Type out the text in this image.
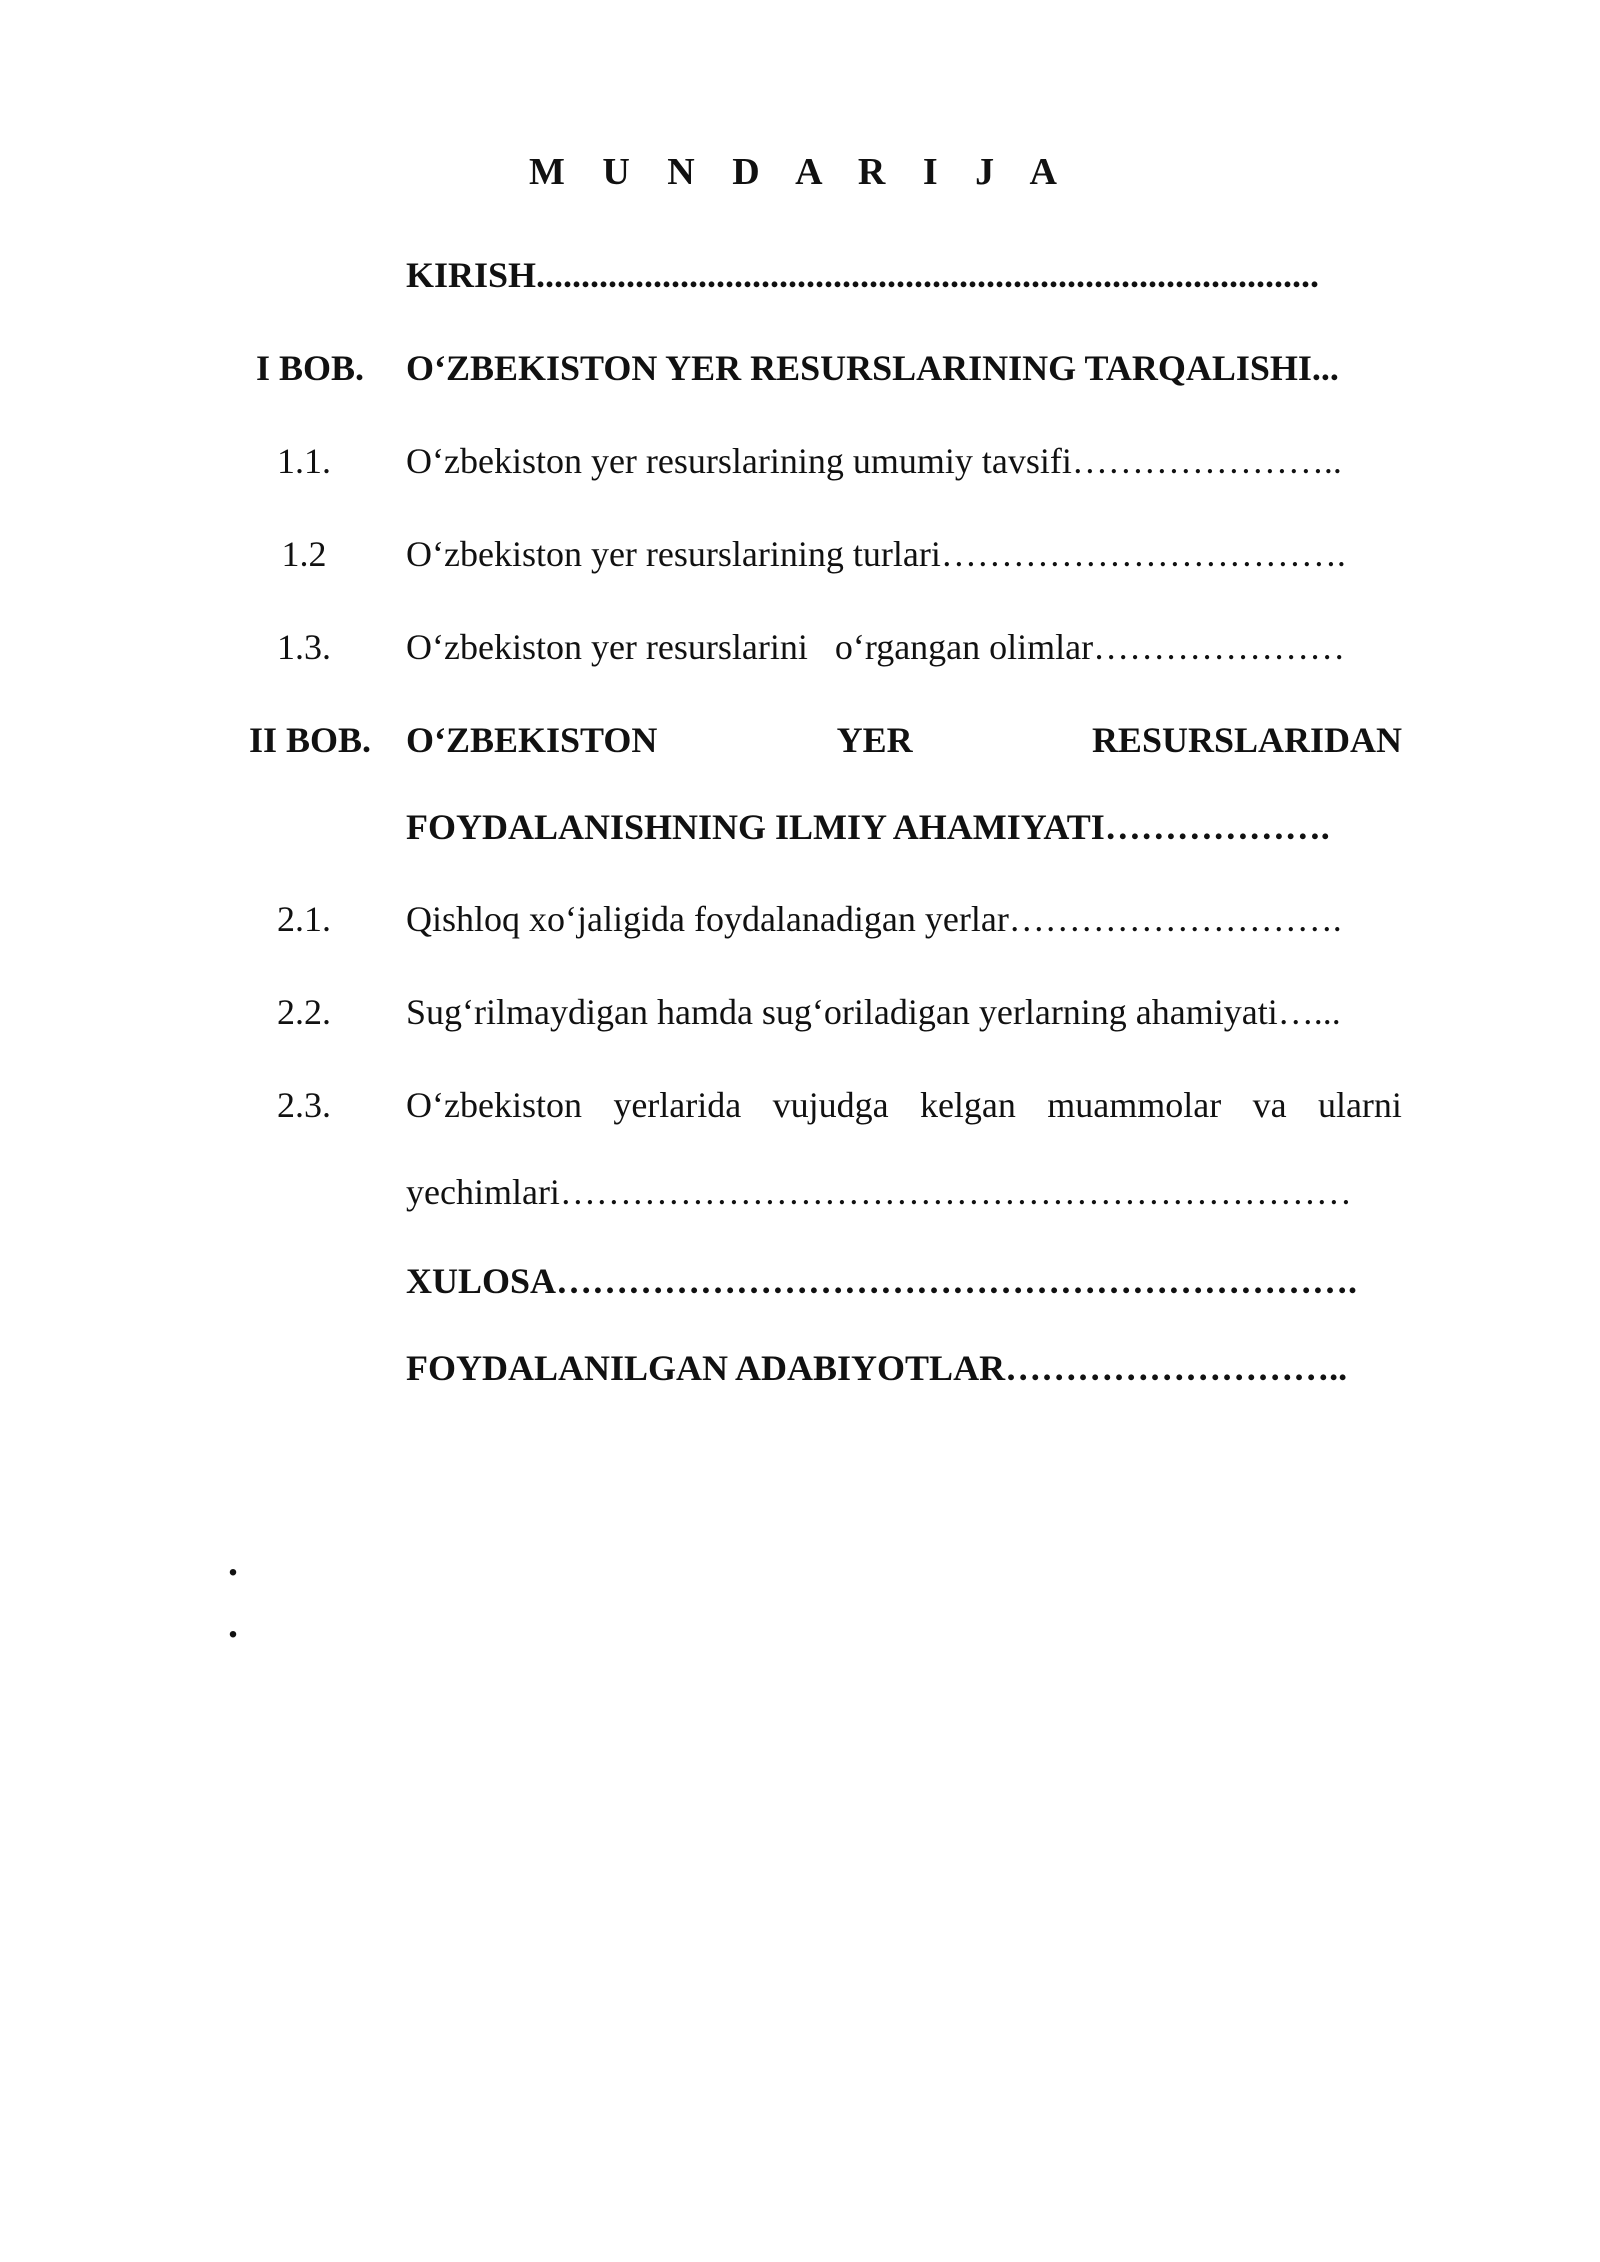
M U N D A R I J A
KIRISH.......................................................................................
I BOB.	O‘ZBEKISTON YER RESURSLARINING TARQALISHI...
1.1.	O‘zbekiston yer resurslarining umumiy tavsifi…………………..
1.2	O‘zbekiston yer resurslarining turlari…………………………….
1.3.	O‘zbekiston yer resurslarini   o‘rgangan olimlar…………………
II BOB. O‘ZBEKISTON	YER	RESURSLARIDAN
FOYDALANISHNING ILMIY AHAMIYATI……………….
2.1.	Qishloq xo‘jaligida foydalanadigan yerlar……………………….
2.2.	Sug‘rilmaydigan hamda sug‘oriladigan yerlarning ahamiyati…...
2.3.	O‘zbekiston yerlarida vujudga kelgan muammolar va ularni
yechimlari…………………………………………………………
XULOSA………………………………………………………….
FOYDALANILGAN ADABIYOTLAR………………………..
.
.
